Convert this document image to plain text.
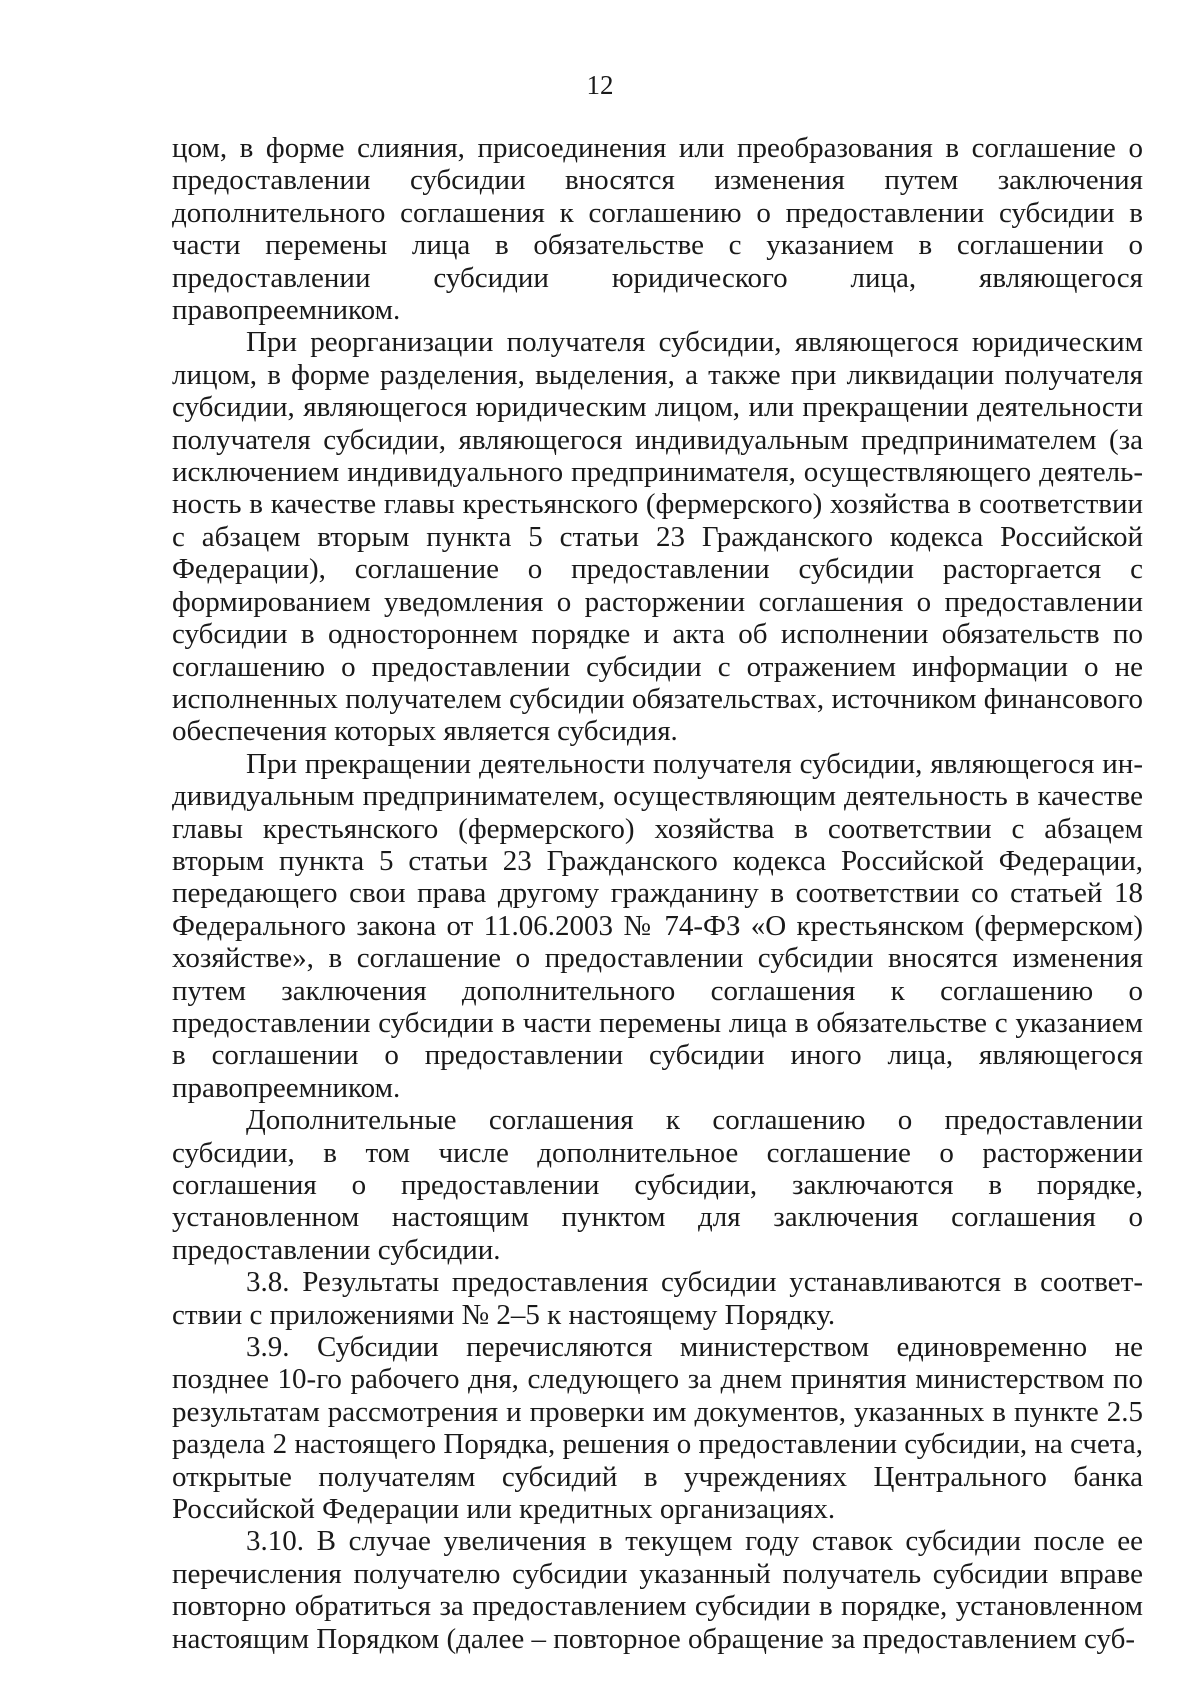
12

цом, в форме слияния, присоединения или преобразования в соглашение о предоставлении субсидии вносятся изменения путем заключения дополнительного соглашения к соглашению о предоставлении субсидии в части перемены лица в обязательстве с указанием в соглашении о предоставлении субсидии юридического лица, являющегося правопреемником.

При реорганизации получателя субсидии, являющегося юридическим лицом, в форме разделения, выделения, а также при ликвидации получателя субсидии, являющегося юридическим лицом, или прекращении деятельности получателя субсидии, являющегося индивидуальным предпринимателем (за исключением индивидуального предпринимателя, осуществляющего деятельность в качестве главы крестьянского (фермерского) хозяйства в соответствии с абзацем вторым пункта 5 статьи 23 Гражданского кодекса Российской Федерации), соглашение о предоставлении субсидии расторгается с формированием уведомления о расторжении соглашения о предоставлении субсидии в одностороннем порядке и акта об исполнении обязательств по соглашению о предоставлении субсидии с отражением информации о не исполненных получателем субсидии обязательствах, источником финансового обеспечения которых является субсидия.

При прекращении деятельности получателя субсидии, являющегося индивидуальным предпринимателем, осуществляющим деятельность в качестве главы крестьянского (фермерского) хозяйства в соответствии с абзацем вторым пункта 5 статьи 23 Гражданского кодекса Российской Федерации, передающего свои права другому гражданину в соответствии со статьей 18 Федерального закона от 11.06.2003 № 74-ФЗ «О крестьянском (фермерском) хозяйстве», в соглашение о предоставлении субсидии вносятся изменения путем заключения дополнительного соглашения к соглашению о предоставлении субсидии в части перемены лица в обязательстве с указанием в соглашении о предоставлении субсидии иного лица, являющегося правопреемником.

Дополнительные соглашения к соглашению о предоставлении субсидии, в том числе дополнительное соглашение о расторжении соглашения о предоставлении субсидии, заключаются в порядке, установленном настоящим пунктом для заключения соглашения о предоставлении субсидии.

3.8. Результаты предоставления субсидии устанавливаются в соответствии с приложениями № 2–5 к настоящему Порядку.

3.9. Субсидии перечисляются министерством единовременно не позднее 10-го рабочего дня, следующего за днем принятия министерством по результатам рассмотрения и проверки им документов, указанных в пункте 2.5 раздела 2 настоящего Порядка, решения о предоставлении субсидии, на счета, открытые получателям субсидий в учреждениях Центрального банка Российской Федерации или кредитных организациях.

3.10. В случае увеличения в текущем году ставок субсидии после ее перечисления получателю субсидии указанный получатель субсидии вправе повторно обратиться за предоставлением субсидии в порядке, установленном настоящим Порядком (далее – повторное обращение за предоставлением суб-
